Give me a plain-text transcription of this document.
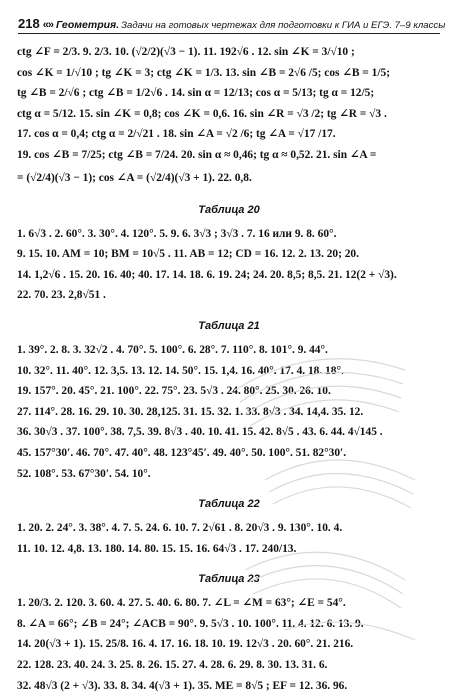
218 «» Геометрия. Задачи на готовых чертежах для подготовки к ГИА и ЕГЭ. 7–9 классы
ctg ∠F = 2/3. 9. 2/3. 10. (√2/2)(√3 − 1). 11. 192√6 . 12. sin ∠K = 3/√10 ;
cos ∠K = 1/√10 ; tg ∠K = 3; ctg ∠K = 1/3. 13. sin ∠B = 2√6 /5; cos ∠B = 1/5;
tg ∠B = 2/√6 ; ctg ∠B = 1/2√6 . 14. sin α = 12/13; cos α = 5/13; tg α = 12/5;
ctg α = 5/12. 15. sin ∠K = 0,8; cos ∠K = 0,6. 16. sin ∠R = √3 /2; tg ∠R = √3 .
17. cos α = 0,4; ctg α = 2/√21 . 18. sin ∠A = √2 /6; tg ∠A = √17 /17.
19. cos ∠B = 7/25; ctg ∠B = 7/24. 20. sin α ≈ 0,46; tg α ≈ 0,52. 21. sin ∠A =
= (√2/4)(√3 − 1); cos ∠A = (√2/4)(√3 + 1). 22. 0,8.
Таблица 20
1. 6√3 . 2. 60°. 3. 30°. 4. 120°. 5. 9. 6. 3√3 ; 3√3 . 7. 16 или 9. 8. 60°.
9. 15. 10. AM = 10; BM = 10√5 . 11. AB = 12; CD = 16. 12. 2. 13. 20; 20.
14. 1,2√6 . 15. 20. 16. 40; 40. 17. 14. 18. 6. 19. 24; 24. 20. 8,5; 8,5. 21. 12(2 + √3).
22. 70. 23. 2,8√51 .
Таблица 21
1. 39°. 2. 8. 3. 32√2 . 4. 70°. 5. 100°. 6. 28°. 7. 110°. 8. 101°. 9. 44°.
10. 32°. 11. 40°. 12. 3,5. 13. 12. 14. 50°. 15. 1,4. 16. 40°. 17. 4. 18. 18°.
19. 157°. 20. 45°. 21. 100°. 22. 75°. 23. 5√3 . 24. 80°. 25. 30. 26. 10.
27. 114°. 28. 16. 29. 10. 30. 28,125. 31. 15. 32. 1. 33. 8√3 . 34. 14,4. 35. 12.
36. 30√3 . 37. 100°. 38. 7,5. 39. 8√3 . 40. 10. 41. 15. 42. 8√5 . 43. 6. 44. 4√145 .
45. 157°30′. 46. 70°. 47. 40°. 48. 123°45′. 49. 40°. 50. 100°. 51. 82°30′.
52. 108°. 53. 67°30′. 54. 10°.
Таблица 22
1. 20. 2. 24°. 3. 38°. 4. 7. 5. 24. 6. 10. 7. 2√61 . 8. 20√3 . 9. 130°. 10. 4.
11. 10. 12. 4,8. 13. 180. 14. 80. 15. 15. 16. 64√3 . 17. 240/13.
Таблица 23
1. 20/3. 2. 120. 3. 60. 4. 27. 5. 40. 6. 80. 7. ∠L = ∠M = 63°; ∠E = 54°.
8. ∠A = 66°; ∠B = 24°; ∠ACB = 90°. 9. 5√3 . 10. 100°. 11. 4. 12. 6. 13. 9.
14. 20(√3 + 1). 15. 25/8. 16. 4. 17. 16. 18. 10. 19. 12√3 . 20. 60°. 21. 216.
22. 128. 23. 40. 24. 3. 25. 8. 26. 15. 27. 4. 28. 6. 29. 8. 30. 13. 31. 6.
32. 48√3 (2 + √3). 33. 8. 34. 4(√3 + 1). 35. ME = 8√5 ; EF = 12. 36. 96.
